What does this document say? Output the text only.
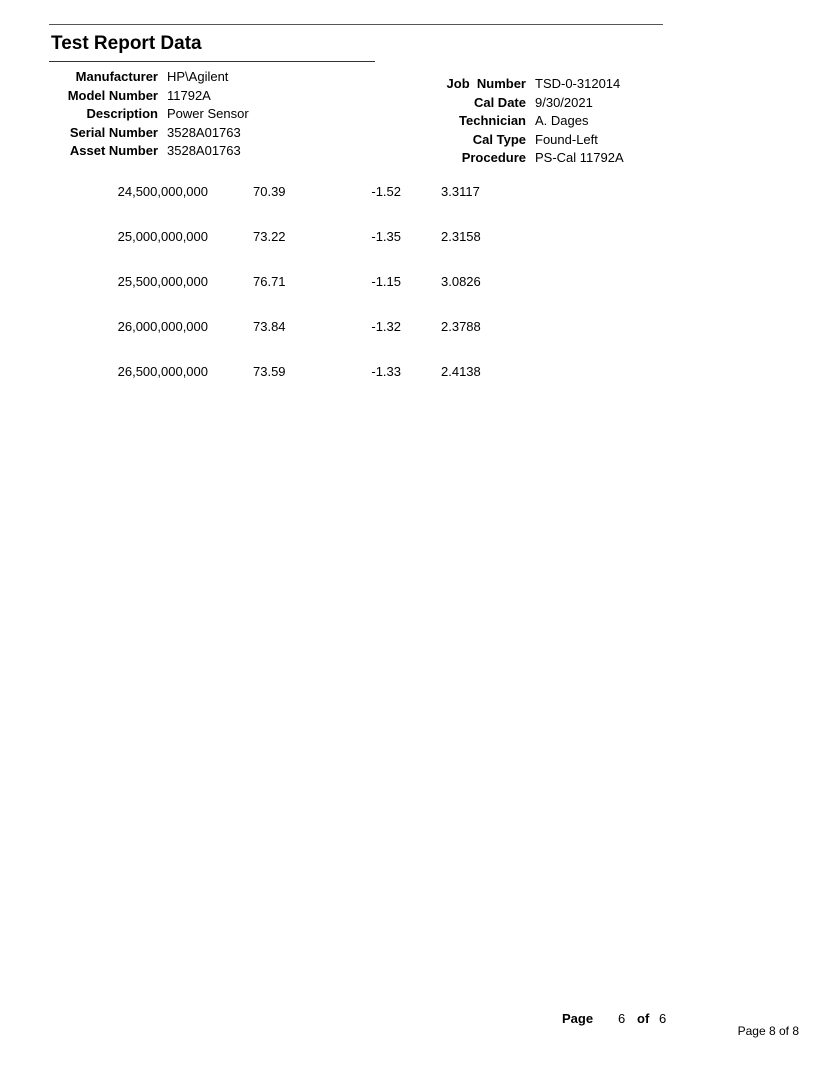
Test Report Data
Manufacturer HP\Agilent
Model Number 11792A
Description Power Sensor
Serial Number 3528A01763
Asset Number 3528A01763
Job  Number TSD-0-312014
Cal Date 9/30/2021
Technician A. Dages
Cal Type Found-Left
Procedure PS-Cal 11792A
24,500,000,000	70.39	-1.52	3.3117
25,000,000,000	73.22	-1.35	2.3158
25,500,000,000	76.71	-1.15	3.0826
26,000,000,000	73.84	-1.32	2.3788
26,500,000,000	73.59	-1.33	2.4138
Page 6 of 6
Page 8 of 8
